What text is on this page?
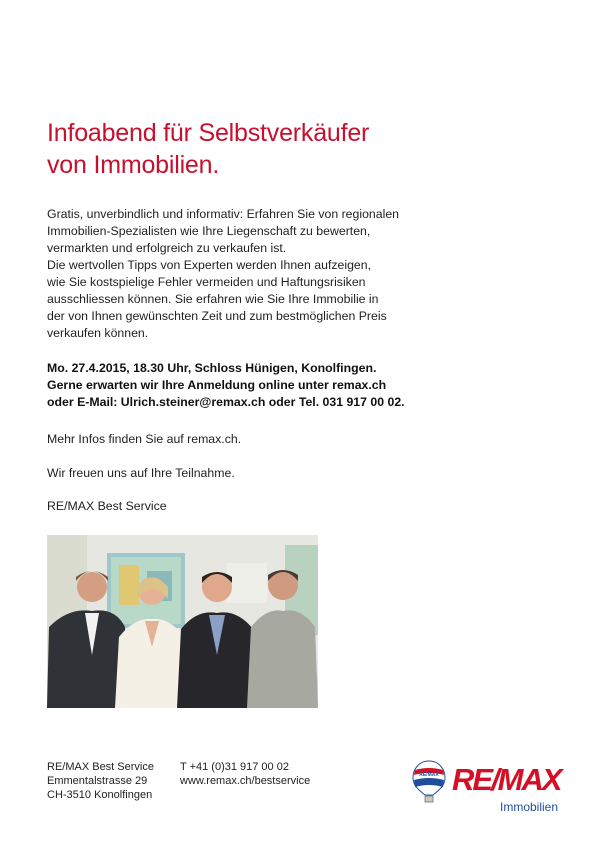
Infoabend für Selbstverkäufer
von Immobilien.
Gratis, unverbindlich und informativ: Erfahren Sie von regionalen
Immobilien-Spezialisten wie Ihre Liegenschaft zu bewerten,
vermarkten und erfolgreich zu verkaufen ist.
Die wertvollen Tipps von Experten werden Ihnen aufzeigen,
wie Sie kostspielige Fehler vermeiden und Haftungsrisiken
ausschliessen können. Sie erfahren wie Sie Ihre Immobilie in
der von Ihnen gewünschten Zeit und zum bestmöglichen Preis
verkaufen können.
Mo. 27.4.2015, 18.30 Uhr, Schloss Hünigen, Konolfingen.
Gerne erwarten wir Ihre Anmeldung online unter remax.ch
oder E-Mail: Ulrich.steiner@remax.ch oder Tel. 031 917 00 02.
Mehr Infos finden Sie auf remax.ch.
Wir freuen uns auf Ihre Teilnahme.
RE/MAX Best Service
RE/MAX Best Service
Emmentalstrasse 29
CH-3510 Konolfingen
T +41 (0)31 917 00 02
www.remax.ch/bestservice	RE/MAX RE/MAX
Immobilien
